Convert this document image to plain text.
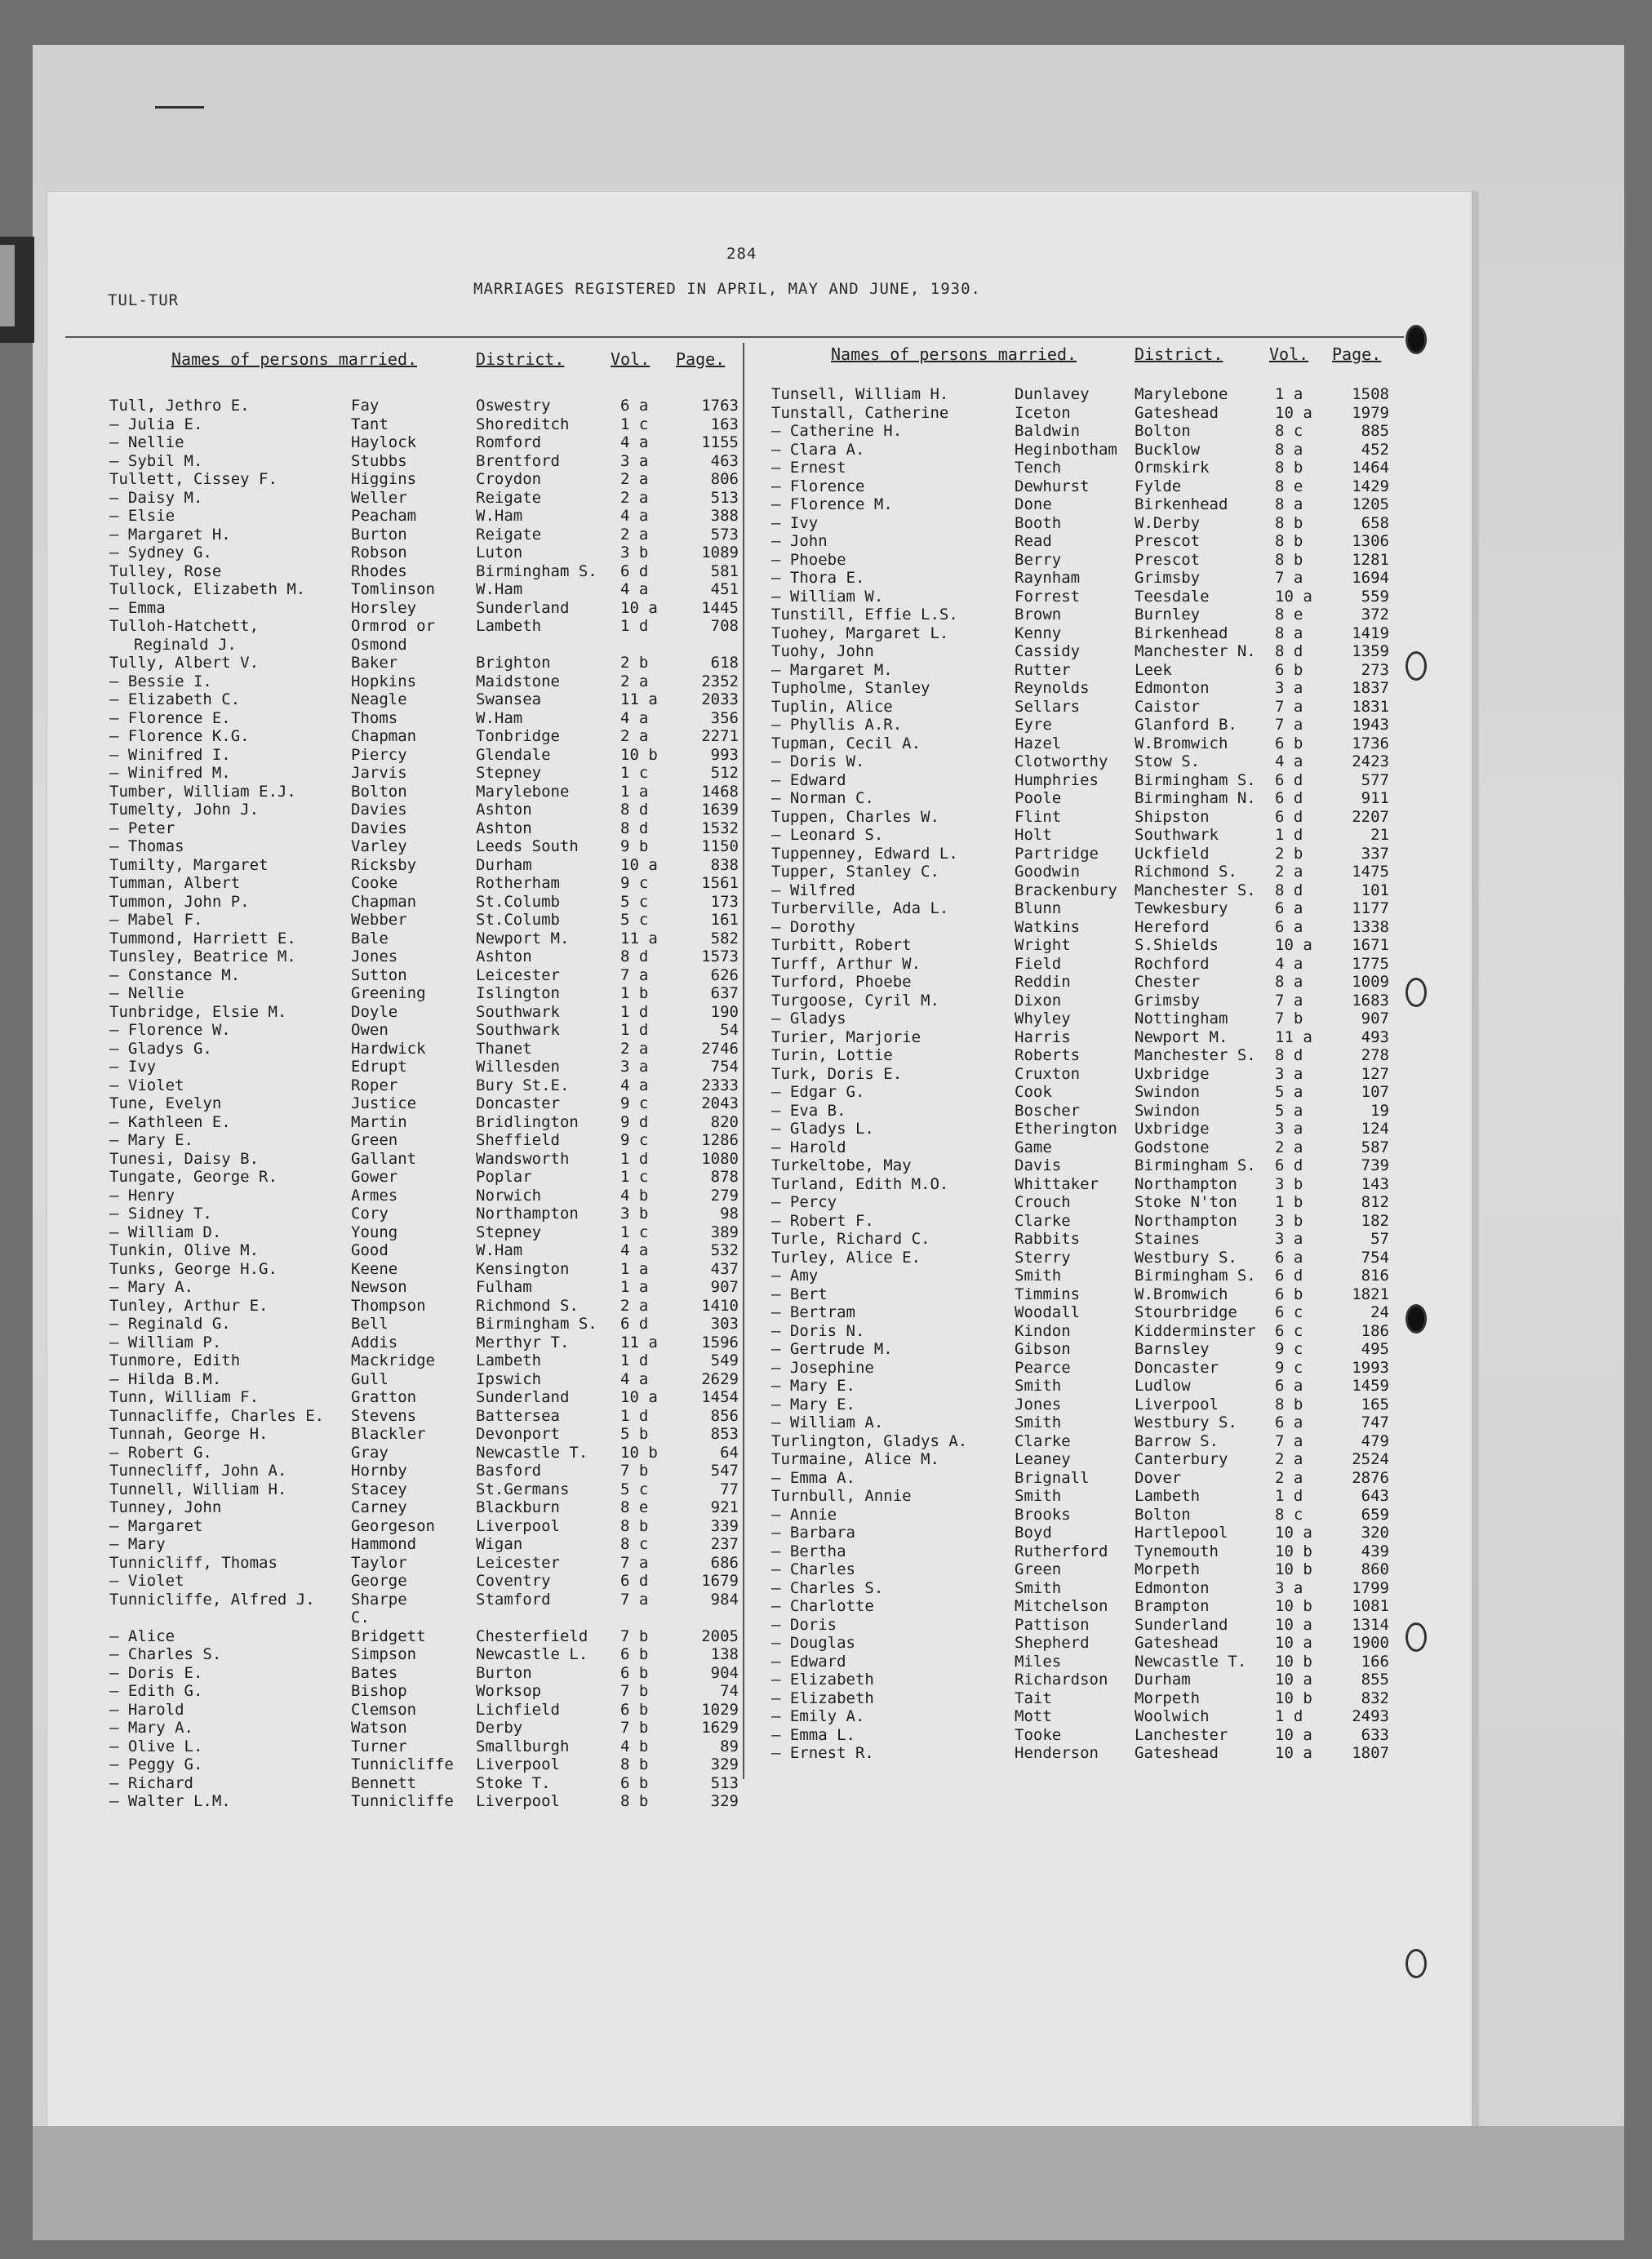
284
TUL-TUR
MARRIAGES REGISTERED IN APRIL, MAY AND JUNE, 1930.
Names of persons married.	District.	Vol. Page.	Names of persons married.	District.	Vol. Page.
Tull, Jethro E.	Fay	Oswestry	6 a	1763
— Julia E.	Tant	Shoreditch	1 c	163
— Nellie	Haylock	Romford	4 a	1155
— Sybil M.	Stubbs	Brentford	3 a	463
Tullett, Cissey F.	Higgins	Croydon	2 a	806
— Daisy M.	Weller	Reigate	2 a	513
— Elsie	Peacham	W.Ham	4 a	388
— Margaret H.	Burton	Reigate	2 a	573
— Sydney G.	Robson	Luton	3 b	1089
Tulley, Rose	Rhodes	Birmingham S. 6 d	581
Tullock, Elizabeth M.	Tomlinson	W.Ham	4 a	451
— Emma	Horsley	Sunderland	10 a	1445
Tulloh-Hatchett,	Ormrod or	Lambeth	1 d	708
Reginald J.	Osmond
Tully, Albert V.	Baker	Brighton	2 b	618
— Bessie I.	Hopkins	Maidstone	2 a	2352
— Elizabeth C.	Neagle	Swansea	11 a	2033
— Florence E.	Thoms	W.Ham	4 a	356
— Florence K.G.	Chapman	Tonbridge	2 a	2271
— Winifred I.	Piercy	Glendale	10 b	993
— Winifred M.	Jarvis	Stepney	1 c	512
Tumber, William E.J.	Bolton	Marylebone	1 a	1468
Tumelty, John J.	Davies	Ashton	8 d	1639
— Peter	Davies	Ashton	8 d	1532
— Thomas	Varley	Leeds South	9 b	1150
Tumilty, Margaret	Ricksby	Durham	10 a	838
Tumman, Albert	Cooke	Rotherham	9 c	1561
Tummon, John P.	Chapman	St.Columb	5 c	173
— Mabel F.	Webber	St.Columb	5 c	161
Tummond, Harriett E.	Bale	Newport M.	11 a	582
Tunsley, Beatrice M.	Jones	Ashton	8 d	1573
— Constance M.	Sutton	Leicester	7 a	626
— Nellie	Greening	Islington	1 b	637
Tunbridge, Elsie M.	Doyle	Southwark	1 d	190
— Florence W.	Owen	Southwark	1 d	54
— Gladys G.	Hardwick	Thanet	2 a	2746
— Ivy	Edrupt	Willesden	3 a	754
— Violet	Roper	Bury St.E.	4 a	2333
Tune, Evelyn	Justice	Doncaster	9 c	2043
— Kathleen E.	Martin	Bridlington	9 d	820
— Mary E.	Green	Sheffield	9 c	1286
Tunesi, Daisy B.	Gallant	Wandsworth	1 d	1080
Tungate, George R.	Gower	Poplar	1 c	878
— Henry	Armes	Norwich	4 b	279
— Sidney T.	Cory	Northampton	3 b	98
— William D.	Young	Stepney	1 c	389
Tunkin, Olive M.	Good	W.Ham	4 a	532
Tunks, George H.G.	Keene	Kensington	1 a	437
— Mary A.	Newson	Fulham	1 a	907
Tunley, Arthur E.	Thompson	Richmond S.	2 a	1410
— Reginald G.	Bell	Birmingham S. 6 d	303
— William P.	Addis	Merthyr T.	11 a	1596
Tunmore, Edith	Mackridge	Lambeth	1 d	549
— Hilda B.M.	Gull	Ipswich	4 a	2629
Tunn, William F.	Gratton	Sunderland	10 a	1454
Tunnacliffe, Charles E. Stevens	Battersea	1 d	856
Tunnah, George H.	Blackler	Devonport	5 b	853
— Robert G.	Gray	Newcastle T. 10 b	64
Tunnecliff, John A.	Hornby	Basford	7 b	547
Tunnell, William H.	Stacey	St.Germans	5 c	77
Tunney, John	Carney	Blackburn	8 e	921
— Margaret	Georgeson	Liverpool	8 b	339
— Mary	Hammond	Wigan	8 c	237
Tunnicliff, Thomas	Taylor	Leicester	7 a	686
— Violet	George	Coventry	6 d	1679
Tunnicliffe, Alfred J. Sharpe	Stamford	7 a	984
C.
— Alice	Bridgett	Chesterfield 7 b	2005
— Charles S.	Simpson	Newcastle L. 6 b	138
— Doris E.	Bates	Burton	6 b	904
— Edith G.	Bishop	Worksop	7 b	74
— Harold	Clemson	Lichfield	6 b	1029
— Mary A.	Watson	Derby	7 b	1629
— Olive L.	Turner	Smallburgh	4 b	89
— Peggy G.	Tunnicliffe Liverpool	8 b	329
— Richard	Bennett	Stoke T.	6 b	513
— Walter L.M.	Tunnicliffe Liverpool	8 b	329
Tunsell, William H.	Dunlavey	Marylebone	1 a	1508
Tunstall, Catherine	Iceton	Gateshead	10 a	1979
— Catherine H.	Baldwin	Bolton	8 c	885
— Clara A.	Heginbotham Bucklow	8 a	452
— Ernest	Tench	Ormskirk	8 b	1464
— Florence	Dewhurst	Fylde	8 e	1429
— Florence M.	Done	Birkenhead	8 a	1205
— Ivy	Booth	W.Derby	8 b	658
— John	Read	Prescot	8 b	1306
— Phoebe	Berry	Prescot	8 b	1281
— Thora E.	Raynham	Grimsby	7 a	1694
— William W.	Forrest	Teesdale	10 a	559
Tunstill, Effie L.S.	Brown	Burnley	8 e	372
Tuohey, Margaret L.	Kenny	Birkenhead	8 a	1419
Tuohy, John	Cassidy	Manchester N. 8 d	1359
— Margaret M.	Rutter	Leek	6 b	273
Tupholme, Stanley	Reynolds	Edmonton	3 a	1837
Tuplin, Alice	Sellars	Caistor	7 a	1831
— Phyllis A.R.	Eyre	Glanford B. 7 a	1943
Tupman, Cecil A.	Hazel	W.Bromwich	6 b	1736
— Doris W.	Clotworthy Stow S.	4 a	2423
— Edward	Humphries Birmingham S. 6 d	577
— Norman C.	Poole	Birmingham N. 6 d	911
Tuppen, Charles W.	Flint	Shipston	6 d	2207
— Leonard S.	Holt	Southwark	1 d	21
Tuppenney, Edward L.	Partridge Uckfield	2 b	337
Tupper, Stanley C.	Goodwin	Richmond S. 2 a	1475
— Wilfred	Brackenbury Manchester S. 8 d	101
Turberville, Ada L.	Blunn	Tewkesbury	6 a	1177
— Dorothy	Watkins	Hereford	6 a	1338
Turbitt, Robert	Wright	S.Shields	10 a	1671
Turff, Arthur W.	Field	Rochford	4 a	1775
Turford, Phoebe	Reddin	Chester	8 a	1009
Turgoose, Cyril M.	Dixon	Grimsby	7 a	1683
— Gladys	Whyley	Nottingham	7 b	907
Turier, Marjorie	Harris	Newport M.	11 a	493
Turin, Lottie	Roberts	Manchester S. 8 d	278
Turk, Doris E.	Cruxton	Uxbridge	3 a	127
— Edgar G.	Cook	Swindon	5 a	107
— Eva B.	Boscher	Swindon	5 a	19
— Gladys L.	Etherington Uxbridge	3 a	124
— Harold	Game	Godstone	2 a	587
Turkeltobe, May	Davis	Birmingham S. 6 d	739
Turland, Edith M.O.	Whittaker Northampton 3 b	143
— Percy	Crouch	Stoke N'ton 1 b	812
— Robert F.	Clarke	Northampton 3 b	182
Turle, Richard C.	Rabbits	Staines	3 a	57
Turley, Alice E.	Sterry	Westbury S. 6 a	754
— Amy	Smith	Birmingham S. 6 d	816
— Bert	Timmins	W.Bromwich	6 b	1821
— Bertram	Woodall	Stourbridge 6 c	24
— Doris N.	Kindon	Kidderminster 6 c	186
— Gertrude M.	Gibson	Barnsley	9 c	495
— Josephine	Pearce	Doncaster	9 c	1993
— Mary E.	Smith	Ludlow	6 a	1459
— Mary E.	Jones	Liverpool	8 b	165
— William A.	Smith	Westbury S. 6 a	747
Turlington, Gladys A.	Clarke	Barrow S.	7 a	479
Turmaine, Alice M.	Leaney	Canterbury	2 a	2524
— Emma A.	Brignall	Dover	2 a	2876
Turnbull, Annie	Smith	Lambeth	1 d	643
— Annie	Brooks	Bolton	8 c	659
— Barbara	Boyd	Hartlepool	10 a	320
— Bertha	Rutherford Tynemouth	10 b	439
— Charles	Green	Morpeth	10 b	860
— Charles S.	Smith	Edmonton	3 a	1799
— Charlotte	Mitchelson Brampton	10 b	1081
— Doris	Pattison	Sunderland	10 a	1314
— Douglas	Shepherd	Gateshead	10 a	1900
— Edward	Miles	Newcastle T. 10 b	166
— Elizabeth	Richardson Durham	10 a	855
— Elizabeth	Tait	Morpeth	10 b	832
— Emily A.	Mott	Woolwich	1 d	2493
— Emma L.	Tooke	Lanchester	10 a	633
— Ernest R.	Henderson Gateshead	10 a	1807
